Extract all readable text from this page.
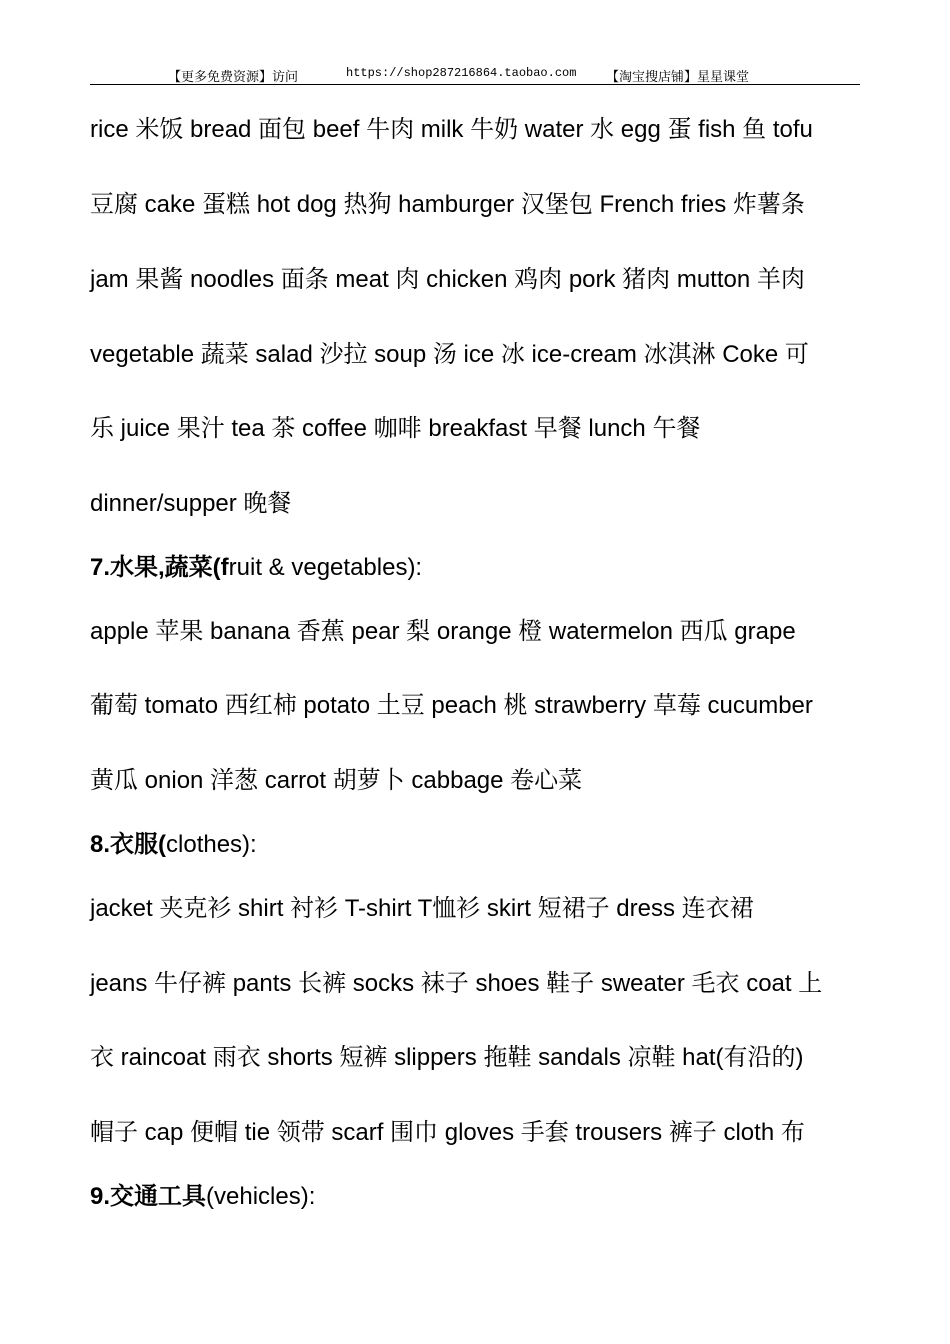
【更多免费资源】访问	https://shop287216864.taobao.com 【淘宝搜店铺】星星课堂
rice 米饭 bread 面包 beef 牛肉 milk 牛奶 water 水 egg 蛋 fish 鱼 tofu
豆腐 cake 蛋糕 hot dog 热狗 hamburger 汉堡包 French fries 炸薯条
jam 果酱 noodles 面条 meat 肉 chicken 鸡肉 pork 猪肉 mutton 羊肉
vegetable 蔬菜 salad 沙拉 soup 汤 ice 冰 ice-cream 冰淇淋 Coke 可
乐 juice 果汁 tea 茶 coffee 咖啡 breakfast 早餐 lunch 午餐
dinner/supper 晚餐
7.水果,蔬菜(fruit & vegetables):
apple 苹果 banana 香蕉 pear 梨 orange 橙 watermelon 西瓜 grape
葡萄 tomato 西红柿 potato 土豆 peach 桃 strawberry 草莓 cucumber
黄瓜 onion 洋葱 carrot 胡萝卜 cabbage 卷心菜
8.衣服(clothes):
jacket 夹克衫 shirt 衬衫 T-shirt T恤衫 skirt 短裙子 dress 连衣裙
jeans 牛仔裤 pants 长裤 socks 袜子 shoes 鞋子 sweater 毛衣 coat 上
衣 raincoat 雨衣 shorts 短裤 slippers 拖鞋 sandals 凉鞋 hat(有沿的)
帽子 cap 便帽 tie 领带 scarf 围巾 gloves 手套 trousers 裤子 cloth 布
9.交通工具(vehicles):
